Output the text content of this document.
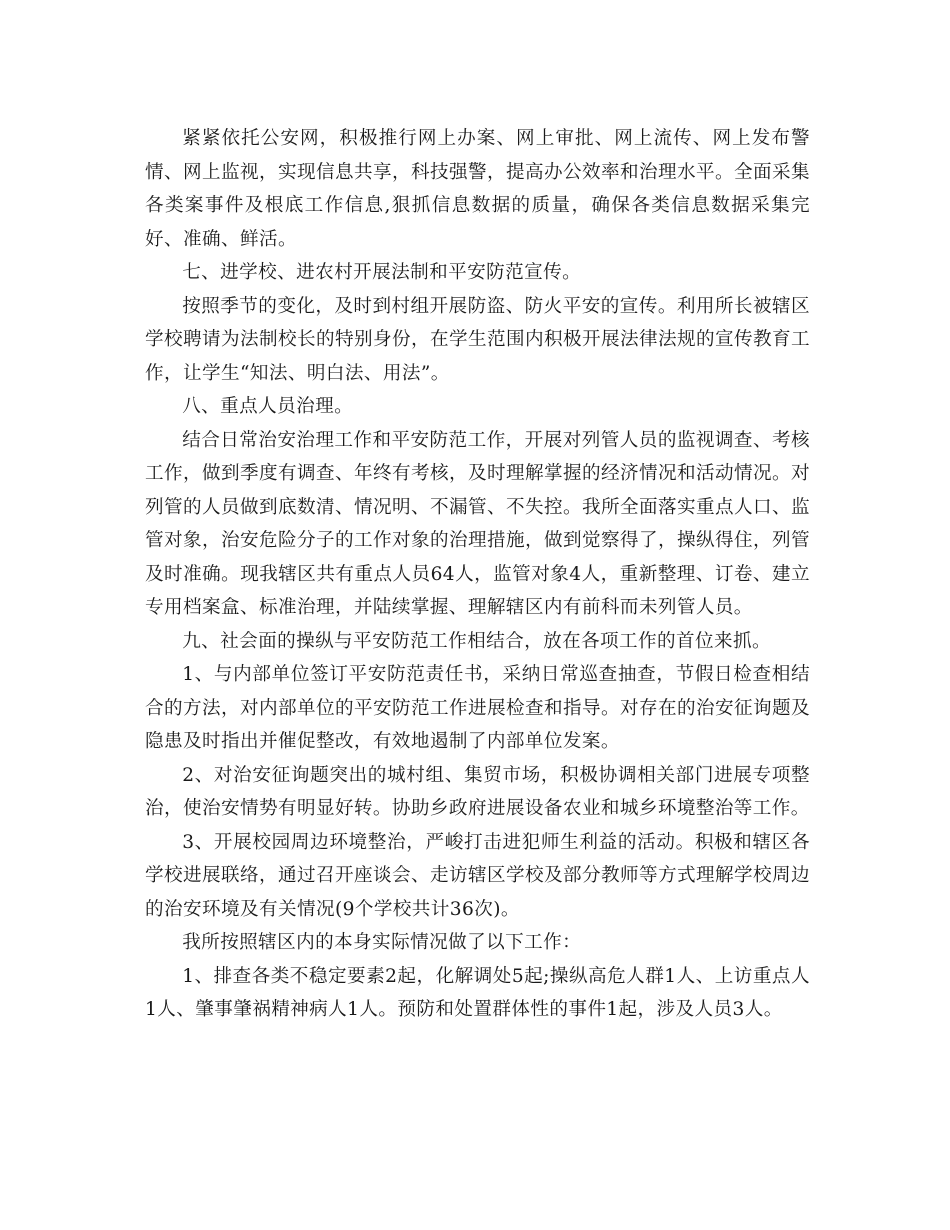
紧紧依托公安网，积极推行网上办案、网上审批、网上流传、网上发布警情、网上监视，实现信息共享，科技强警，提高办公效率和治理水平。全面采集各类案事件及根底工作信息,狠抓信息数据的质量，确保各类信息数据采集完好、准确、鲜活。

七、进学校、进农村开展法制和平安防范宣传。

按照季节的变化，及时到村组开展防盗、防火平安的宣传。利用所长被辖区学校聘请为法制校长的特别身份，在学生范围内积极开展法律法规的宣传教育工作，让学生“知法、明白法、用法”。

八、重点人员治理。

结合日常治安治理工作和平安防范工作，开展对列管人员的监视调查、考核工作，做到季度有调查、年终有考核，及时理解掌握的经济情况和活动情况。对列管的人员做到底数清、情况明、不漏管、不失控。我所全面落实重点人口、监管对象，治安危险分子的工作对象的治理措施，做到觉察得了，操纵得住，列管及时准确。现我辖区共有重点人员64人，监管对象4人，重新整理、订卷、建立专用档案盒、标准治理，并陆续掌握、理解辖区内有前科而未列管人员。

九、社会面的操纵与平安防范工作相结合，放在各项工作的首位来抓。

1、与内部单位签订平安防范责任书，采纳日常巡查抽查，节假日检查相结合的方法，对内部单位的平安防范工作进展检查和指导。对存在的治安征询题及隐患及时指出并催促整改，有效地遏制了内部单位发案。

2、对治安征询题突出的城村组、集贸市场，积极协调相关部门进展专项整治，使治安情势有明显好转。协助乡政府进展设备农业和城乡环境整治等工作。

3、开展校园周边环境整治，严峻打击进犯师生利益的活动。积极和辖区各学校进展联络，通过召开座谈会、走访辖区学校及部分教师等方式理解学校周边的治安环境及有关情况(9个学校共计36次)。

我所按照辖区内的本身实际情况做了以下工作：

1、排查各类不稳定要素2起，化解调处5起;操纵高危人群1人、上访重点人1人、肇事肇祸精神病人1人。预防和处置群体性的事件1起，涉及人员3人。
